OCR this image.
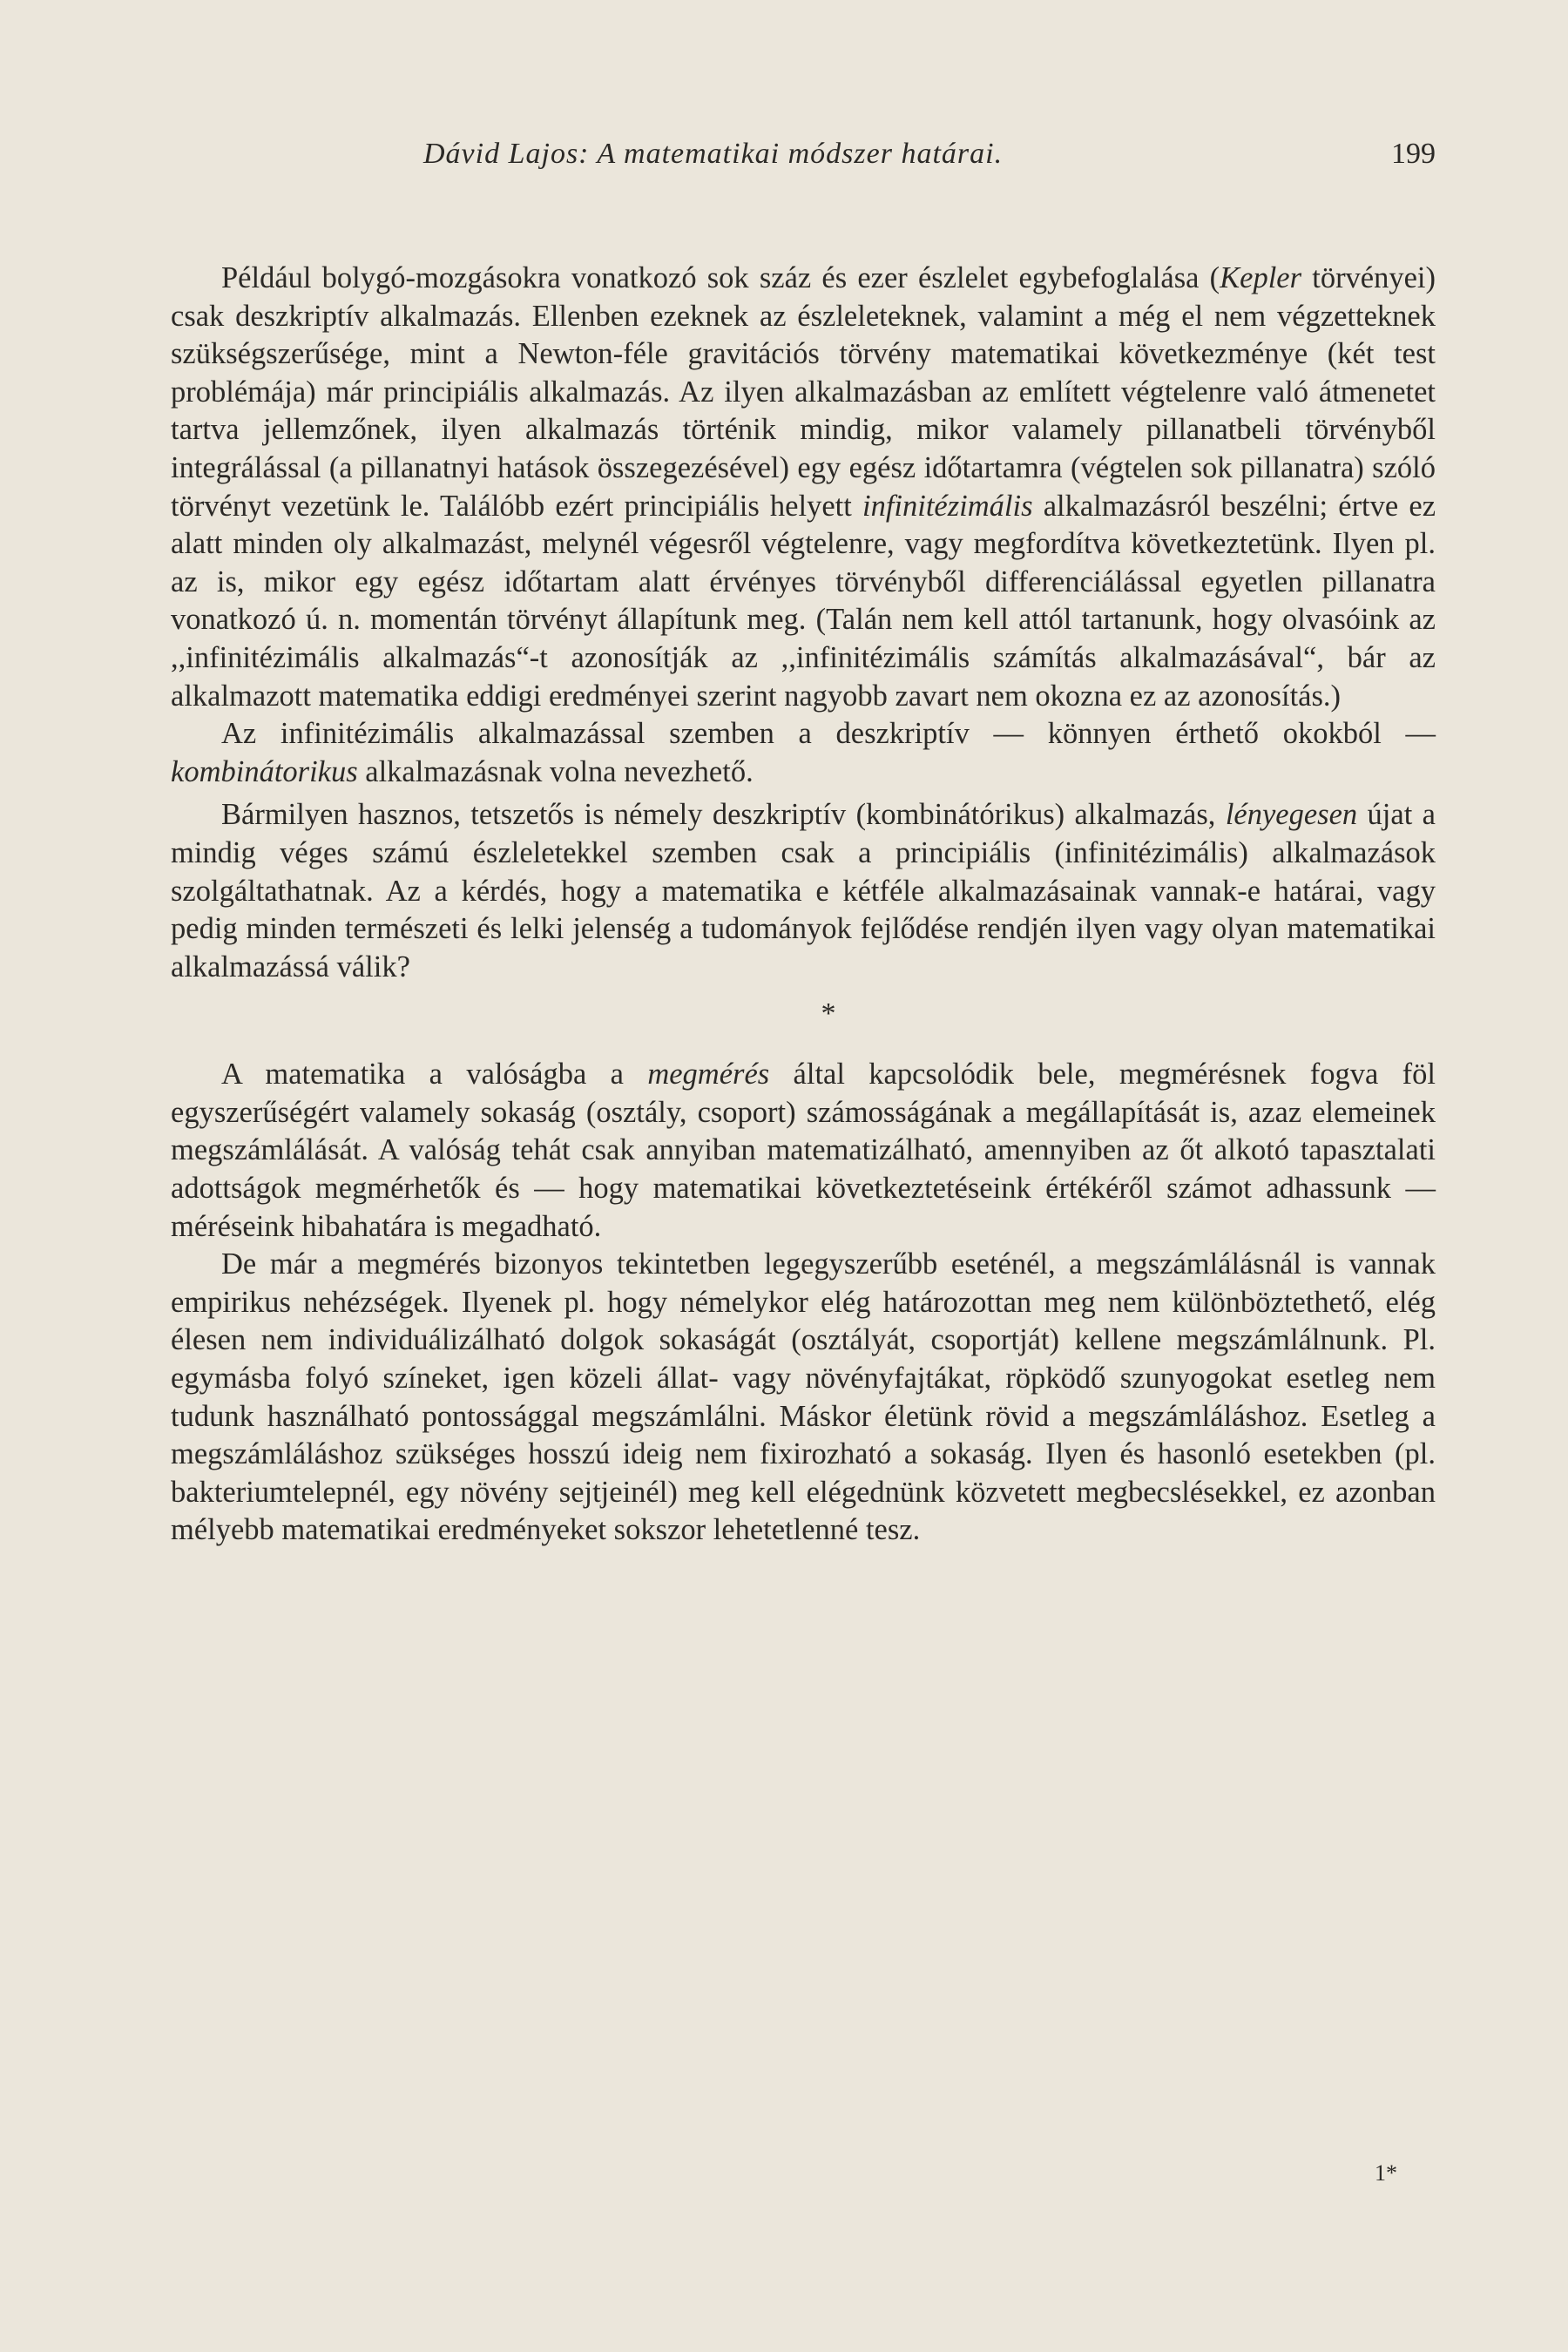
Dávid Lajos: A matematikai módszer határai.	199

Például bolygó-mozgásokra vonatkozó sok száz és ezer észlelet egybefoglalása (Kepler törvényei) csak deszkriptív alkalmazás. Ellenben ezeknek az észleleteknek, valamint a még el nem végzetteknek szükségszerűsége, mint a Newton-féle gravitációs törvény matematikai következménye (két test problémája) már principiális alkalmazás. Az ilyen alkalmazásban az említett végtelenre való átmenetet tartva jellemzőnek, ilyen alkalmazás történik mindig, mikor valamely pillanatbeli törvényből integrálással (a pillanatnyi hatások összegezésével) egy egész időtartamra (végtelen sok pillanatra) szóló törvényt vezetünk le. Találóbb ezért principiális helyett infinitézimális alkalmazásról beszélni; értve ez alatt minden oly alkalmazást, melynél végesről végtelenre, vagy megfordítva következtetünk. Ilyen pl. az is, mikor egy egész időtartam alatt érvényes törvényből differenciálással egyetlen pillanatra vonatkozó ú. n. momentán törvényt állapítunk meg. (Talán nem kell attól tartanunk, hogy olvasóink az ,,infinitézimális alkalmazás“-t azonosítják az ,,infinitézimális számítás alkalmazásával“, bár az alkalmazott matematika eddigi eredményei szerint nagyobb zavart nem okozna ez az azonosítás.)

Az infinitézimális alkalmazással szemben a deszkriptív — könnyen érthető okokból — kombinátorikus alkalmazásnak volna nevezhető.

Bármilyen hasznos, tetszetős is némely deszkriptív (kombinátórikus) alkalmazás, lényegesen újat a mindig véges számú észleletekkel szemben csak a principiális (infinitézimális) alkalmazások szolgáltathatnak. Az a kérdés, hogy a matematika e kétféle alkalmazásainak vannak-e határai, vagy pedig minden természeti és lelki jelenség a tudományok fejlődése rendjén ilyen vagy olyan matematikai alkalmazássá válik?

*

A matematika a valóságba a megmérés által kapcsolódik bele, megmérésnek fogva föl egyszerűségért valamely sokaság (osztály, csoport) számosságának a megállapítását is, azaz elemeinek megszámlálását. A valóság tehát csak annyiban matematizálható, amennyiben az őt alkotó tapasztalati adottságok megmérhetők és — hogy matematikai következtetéseink értékéről számot adhassunk — méréseink hibahatára is megadható.

De már a megmérés bizonyos tekintetben legegyszerűbb eseténél, a megszámlálásnál is vannak empirikus nehézségek. Ilyenek pl. hogy némelykor elég határozottan meg nem különböztethető, elég élesen nem individuálizálható dolgok sokaságát (osztályát, csoportját) kellene megszámlálnunk. Pl. egymásba folyó színeket, igen közeli állat- vagy növényfajtákat, röpködő szunyogokat esetleg nem tudunk használható pontossággal megszámlálni. Máskor életünk rövid a megszámláláshoz. Esetleg a megszámláláshoz szükséges hosszú ideig nem fixirozható a sokaság. Ilyen és hasonló esetekben (pl. bakteriumtelepnél, egy növény sejtjeinél) meg kell elégednünk közvetett megbecslésekkel, ez azonban mélyebb matematikai eredményeket sokszor lehetetlenné tesz.

1*
